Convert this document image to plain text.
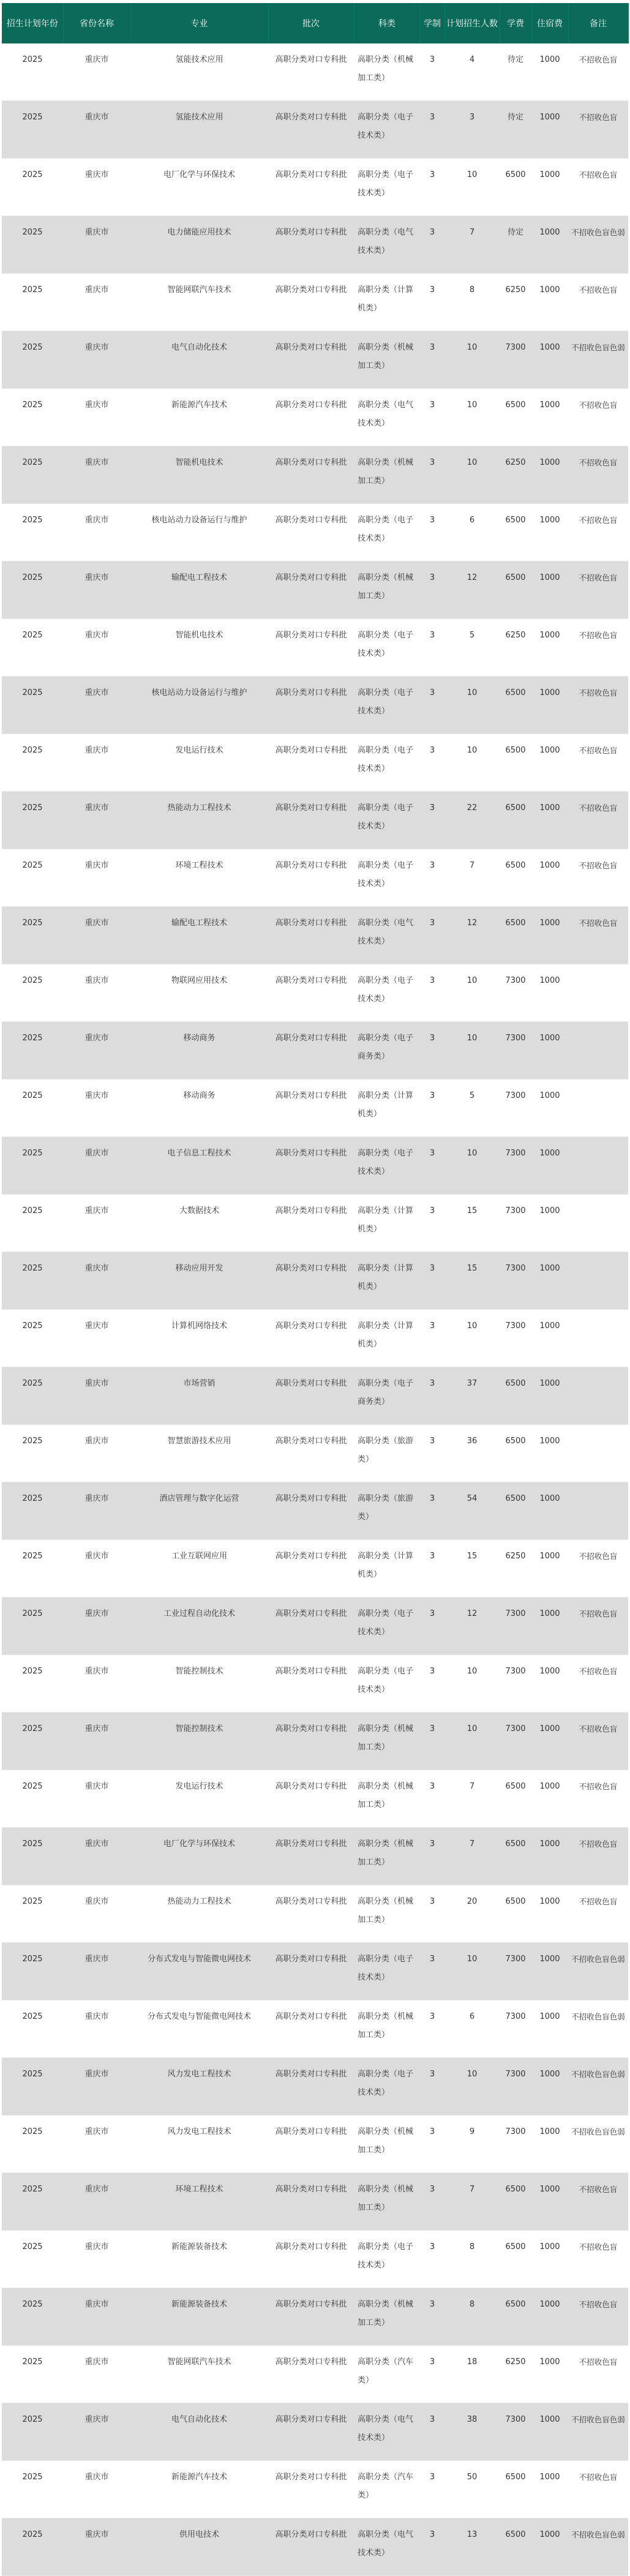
招生计划年份	省份名称	专业	批次	科类	学制	计划招生人数	学费	住宿费	备注
2025	重庆市	氢能技术应用	高职分类对口专科批	高职分类（机械加工类）	3	4	待定	1000	不招收色盲
2025	重庆市	氢能技术应用	高职分类对口专科批	高职分类（电子技术类）	3	3	待定	1000	不招收色盲
2025	重庆市	电厂化学与环保技术	高职分类对口专科批	高职分类（电子技术类）	3	10	6500	1000	不招收色盲
2025	重庆市	电力储能应用技术	高职分类对口专科批	高职分类（电气技术类）	3	7	待定	1000	不招收色盲色弱
2025	重庆市	智能网联汽车技术	高职分类对口专科批	高职分类（计算机类）	3	8	6250	1000	不招收色盲
2025	重庆市	电气自动化技术	高职分类对口专科批	高职分类（机械加工类）	3	10	7300	1000	不招收色盲色弱
2025	重庆市	新能源汽车技术	高职分类对口专科批	高职分类（电气技术类）	3	10	6500	1000	不招收色盲
2025	重庆市	智能机电技术	高职分类对口专科批	高职分类（机械加工类）	3	10	6250	1000	不招收色盲
2025	重庆市	核电站动力设备运行与维护	高职分类对口专科批	高职分类（电子技术类）	3	6	6500	1000	不招收色盲
2025	重庆市	输配电工程技术	高职分类对口专科批	高职分类（机械加工类）	3	12	6500	1000	不招收色盲
2025	重庆市	智能机电技术	高职分类对口专科批	高职分类（电子技术类）	3	5	6250	1000	不招收色盲
2025	重庆市	核电站动力设备运行与维护	高职分类对口专科批	高职分类（电子技术类）	3	10	6500	1000	不招收色盲
2025	重庆市	发电运行技术	高职分类对口专科批	高职分类（电子技术类）	3	10	6500	1000	不招收色盲
2025	重庆市	热能动力工程技术	高职分类对口专科批	高职分类（电子技术类）	3	22	6500	1000	不招收色盲
2025	重庆市	环境工程技术	高职分类对口专科批	高职分类（电子技术类）	3	7	6500	1000	不招收色盲
2025	重庆市	输配电工程技术	高职分类对口专科批	高职分类（电气技术类）	3	12	6500	1000	不招收色盲
2025	重庆市	物联网应用技术	高职分类对口专科批	高职分类（电子技术类）	3	10	7300	1000	
2025	重庆市	移动商务	高职分类对口专科批	高职分类（电子商务类）	3	10	7300	1000	
2025	重庆市	移动商务	高职分类对口专科批	高职分类（计算机类）	3	5	7300	1000	
2025	重庆市	电子信息工程技术	高职分类对口专科批	高职分类（电子技术类）	3	10	7300	1000	
2025	重庆市	大数据技术	高职分类对口专科批	高职分类（计算机类）	3	15	7300	1000	
2025	重庆市	移动应用开发	高职分类对口专科批	高职分类（计算机类）	3	15	7300	1000	
2025	重庆市	计算机网络技术	高职分类对口专科批	高职分类（计算机类）	3	10	7300	1000	
2025	重庆市	市场营销	高职分类对口专科批	高职分类（电子商务类）	3	37	6500	1000	
2025	重庆市	智慧旅游技术应用	高职分类对口专科批	高职分类（旅游类）	3	36	6500	1000	
2025	重庆市	酒店管理与数字化运营	高职分类对口专科批	高职分类（旅游类）	3	54	6500	1000	
2025	重庆市	工业互联网应用	高职分类对口专科批	高职分类（计算机类）	3	15	6250	1000	不招收色盲
2025	重庆市	工业过程自动化技术	高职分类对口专科批	高职分类（电子技术类）	3	12	7300	1000	不招收色盲
2025	重庆市	智能控制技术	高职分类对口专科批	高职分类（电子技术类）	3	10	7300	1000	不招收色盲
2025	重庆市	智能控制技术	高职分类对口专科批	高职分类（机械加工类）	3	10	7300	1000	不招收色盲
2025	重庆市	发电运行技术	高职分类对口专科批	高职分类（机械加工类）	3	7	6500	1000	不招收色盲
2025	重庆市	电厂化学与环保技术	高职分类对口专科批	高职分类（机械加工类）	3	7	6500	1000	不招收色盲
2025	重庆市	热能动力工程技术	高职分类对口专科批	高职分类（机械加工类）	3	20	6500	1000	不招收色盲
2025	重庆市	分布式发电与智能微电网技术	高职分类对口专科批	高职分类（电子技术类）	3	10	7300	1000	不招收色盲色弱
2025	重庆市	分布式发电与智能微电网技术	高职分类对口专科批	高职分类（机械加工类）	3	6	7300	1000	不招收色盲色弱
2025	重庆市	风力发电工程技术	高职分类对口专科批	高职分类（电子技术类）	3	10	7300	1000	不招收色盲色弱
2025	重庆市	风力发电工程技术	高职分类对口专科批	高职分类（机械加工类）	3	9	7300	1000	不招收色盲色弱
2025	重庆市	环境工程技术	高职分类对口专科批	高职分类（机械加工类）	3	7	6500	1000	不招收色盲
2025	重庆市	新能源装备技术	高职分类对口专科批	高职分类（电子技术类）	3	8	6500	1000	不招收色盲
2025	重庆市	新能源装备技术	高职分类对口专科批	高职分类（机械加工类）	3	8	6500	1000	不招收色盲
2025	重庆市	智能网联汽车技术	高职分类对口专科批	高职分类（汽车类）	3	18	6250	1000	不招收色盲
2025	重庆市	电气自动化技术	高职分类对口专科批	高职分类（电气技术类）	3	38	7300	1000	不招收色盲色弱
2025	重庆市	新能源汽车技术	高职分类对口专科批	高职分类（汽车类）	3	50	6500	1000	不招收色盲
2025	重庆市	供用电技术	高职分类对口专科批	高职分类（电气技术类）	3	13	6500	1000	不招收色盲色弱
